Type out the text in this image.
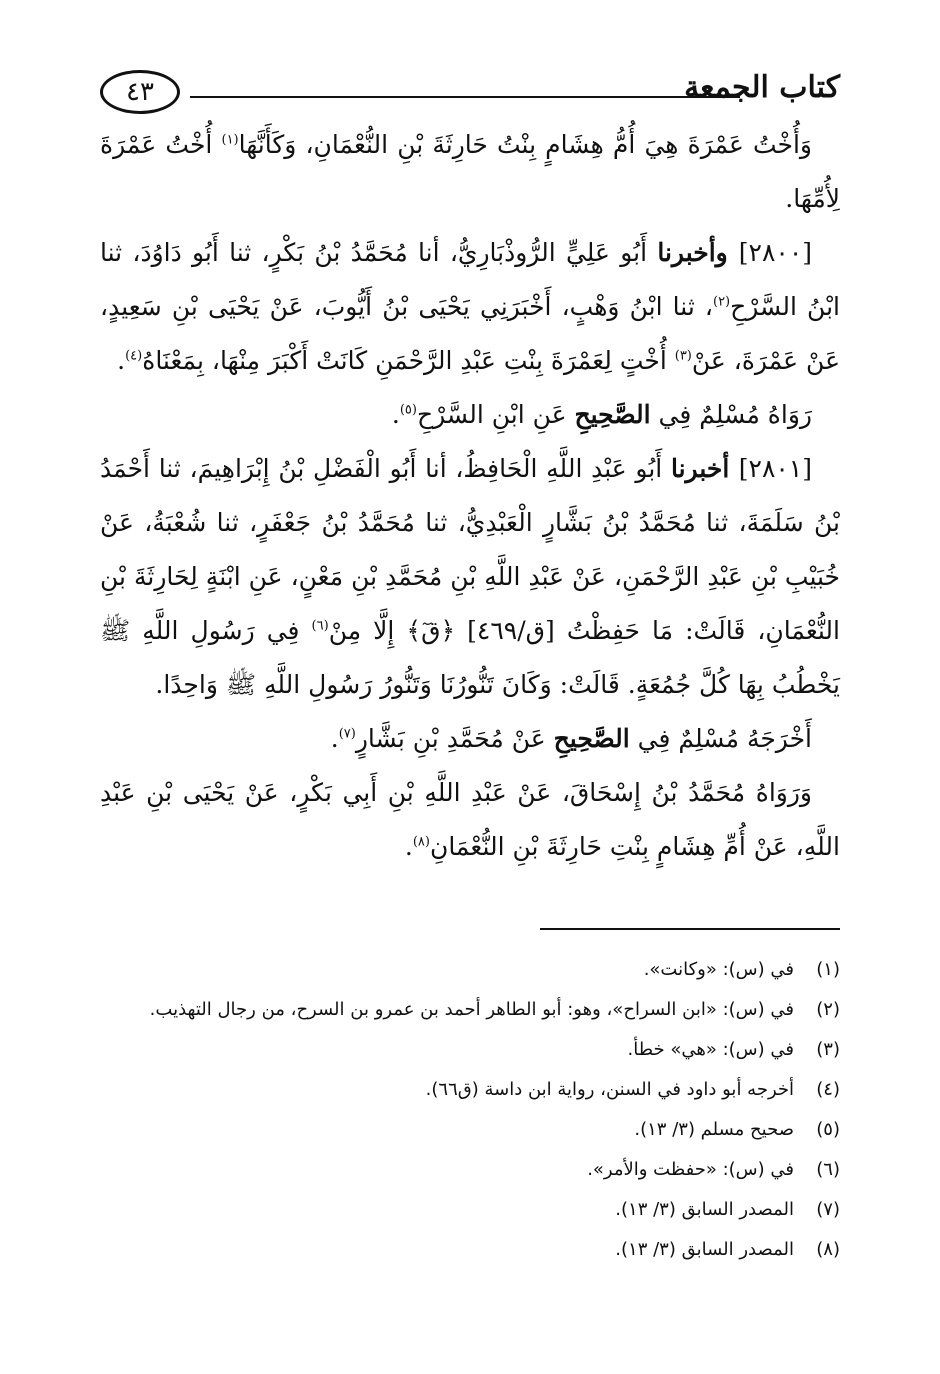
كتاب الجمعة
٤٣

وَأُخْتُ عَمْرَةَ هِيَ أُمُّ هِشَامٍ بِنْتُ حَارِثَةَ بْنِ النُّعْمَانِ، وَكَأَنَّهَا$^{(١)}$ أُخْتُ عَمْرَةَ لِأُمِّهَا.

[٢٨٠٠] وأخبرنا أَبُو عَلِيٍّ الرُّوذْبَارِيُّ، أنا مُحَمَّدُ بْنُ بَكْرٍ، ثنا أَبُو دَاوُدَ، ثنا ابْنُ السَّرْحِ$^{(٢)}$، ثنا ابْنُ وَهْبٍ، أَخْبَرَنِي يَحْيَى بْنُ أَيُّوبَ، عَنْ يَحْيَى بْنِ سَعِيدٍ، عَنْ عَمْرَةَ، عَنْ$^{(٣)}$ أُخْتٍ لِعَمْرَةَ بِنْتِ عَبْدِ الرَّحْمَنِ كَانَتْ أَكْبَرَ مِنْهَا، بِمَعْنَاهُ$^{(٤)}$.

رَوَاهُ مُسْلِمٌ فِي الصَّحِيحِ عَنِ ابْنِ السَّرْحِ$^{(٥)}$.

[٢٨٠١] أخبرنا أَبُو عَبْدِ اللَّهِ الْحَافِظُ، أنا أَبُو الْفَضْلِ بْنُ إِبْرَاهِيمَ، ثنا أَحْمَدُ بْنُ سَلَمَةَ، ثنا مُحَمَّدُ بْنُ بَشَّارٍ الْعَبْدِيُّ، ثنا مُحَمَّدُ بْنُ جَعْفَرٍ، ثنا شُعْبَةُ، عَنْ خُبَيْبِ بْنِ عَبْدِ الرَّحْمَنِ، عَنْ عَبْدِ اللَّهِ بْنِ مُحَمَّدِ بْنِ مَعْنٍ، عَنِ ابْنَةٍ لِحَارِثَةَ بْنِ النُّعْمَانِ، قَالَتْ: مَا حَفِظْتُ [ق/٤٦٩] ﴿قٓ﴾ إِلَّا مِنْ$^{(٦)}$ فِي رَسُولِ اللَّهِ ﷺ يَخْطُبُ بِهَا كُلَّ جُمُعَةٍ. قَالَتْ: وَكَانَ تَنُّورُنَا وَتَنُّورُ رَسُولِ اللَّهِ ﷺ وَاحِدًا.

أَخْرَجَهُ مُسْلِمٌ فِي الصَّحِيحِ عَنْ مُحَمَّدِ بْنِ بَشَّارٍ$^{(٧)}$.

وَرَوَاهُ مُحَمَّدُ بْنُ إِسْحَاقَ، عَنْ عَبْدِ اللَّهِ بْنِ أَبِي بَكْرٍ، عَنْ يَحْيَى بْنِ عَبْدِ اللَّهِ، عَنْ أُمِّ هِشَامٍ بِنْتِ حَارِثَةَ بْنِ النُّعْمَانِ$^{(٨)}$.

(١)في (س): «وكانت».
(٢)في (س): «ابن السراح»، وهو: أبو الطاهر أحمد بن عمرو بن السرح، من رجال التهذيب.
(٣)في (س): «هي» خطأ.
(٤)أخرجه أبو داود في السنن، رواية ابن داسة (ق٦٦).
(٥)صحيح مسلم (٣/ ١٣).
(٦)في (س): «حفظت والأمر».
(٧)المصدر السابق (٣/ ١٣).
(٨)المصدر السابق (٣/ ١٣).
